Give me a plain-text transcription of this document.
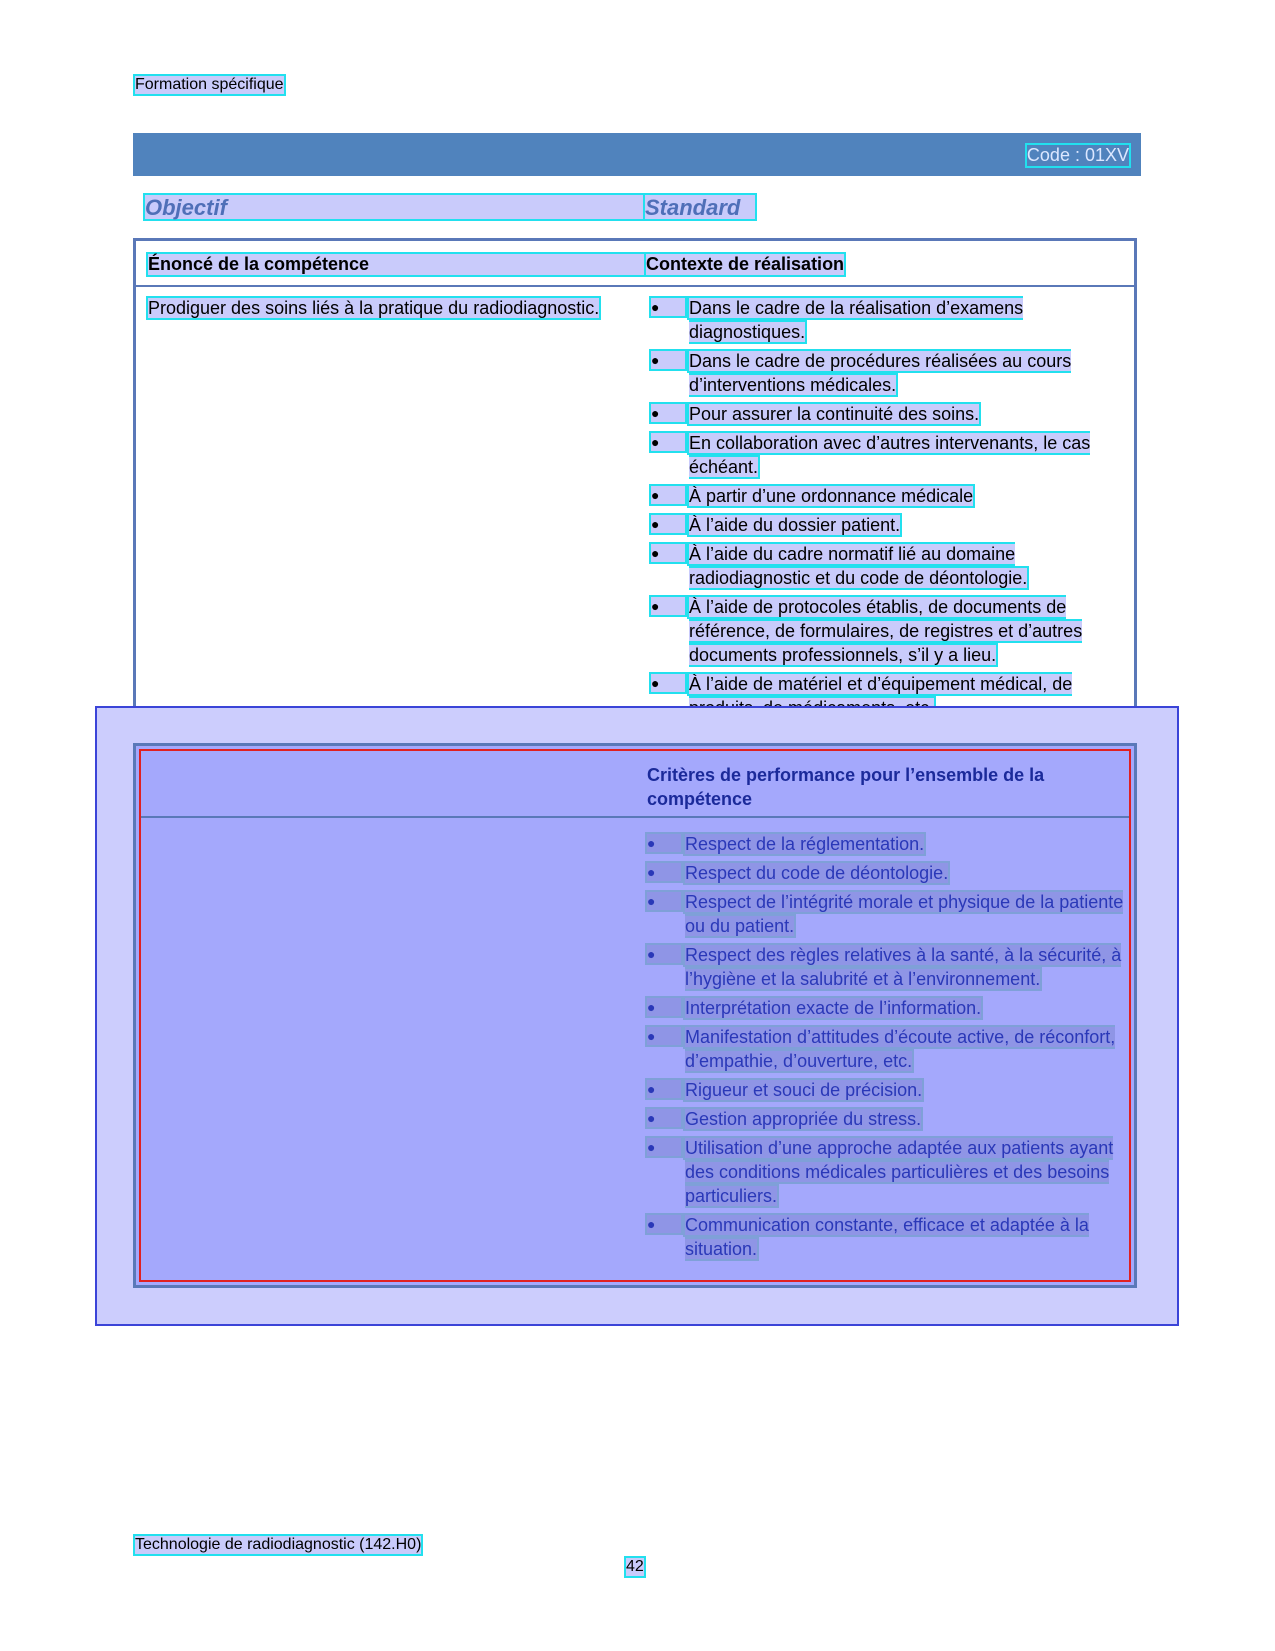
Formation spécifique
Code : 01XV
Objectif	Standard
Énoncé de la compétence	Contexte de réalisation
Prodiguer des soins liés à la pratique du radiodiagnostic.	●	Dans le cadre de la réalisation d’examens diagnostiques.
●	Dans le cadre de procédures réalisées au cours d’interventions médicales.
●	Pour assurer la continuité des soins.
●	En collaboration avec d’autres intervenants, le cas échéant.
●	À partir d’une ordonnance médicale
●	À l’aide du dossier patient.
●	À l’aide du cadre normatif lié au domaine radiodiagnostic et du code de déontologie.
●	À l’aide de protocoles établis, de documents de référence, de formulaires, de registres et d’autres documents professionnels, s’il y a lieu.
●	À l’aide de matériel et d’équipement médical, de
Critères de performance pour l’ensemble de la compétence
●	Respect de la réglementation.
●	Respect du code de déontologie.
●	Respect de l’intégrité morale et physique de la patiente ou du patient.
●	Respect des règles relatives à la santé, à la sécurité, à l’hygiène et la salubrité et à l’environnement.
●	Interprétation exacte de l’information.
●	Manifestation d’attitudes d’écoute active, de réconfort, d’empathie, d’ouverture, etc.
●	Rigueur et souci de précision.
●	Gestion appropriée du stress.
●	Utilisation d’une approche adaptée aux patients ayant des conditions médicales particulières et des besoins particuliers.
●	Communication constante, efficace et adaptée à la situation.
Technologie de radiodiagnostic (142.H0)
42
